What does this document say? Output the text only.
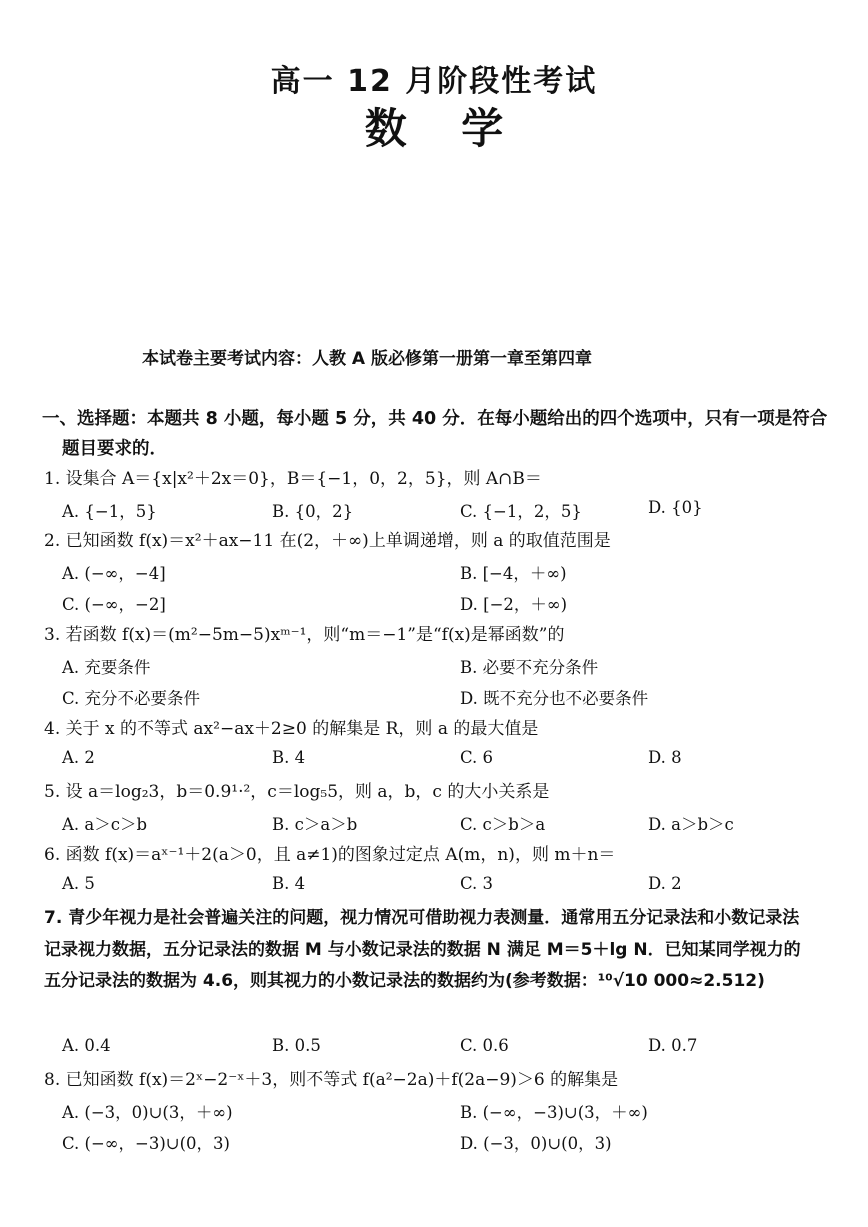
高一 12 月阶段性考试
数 学
本试卷主要考试内容：人教 A 版必修第一册第一章至第四章
一、选择题：本题共 8 小题，每小题 5 分，共 40 分．在每小题给出的四个选项中，只有一项是符合
题目要求的．
1. 设集合 A＝{x|x²＋2x＝0}，B＝{−1，0，2，5}，则 A∩B＝
A. {−1，5}	B. {0，2}	C. {−1，2，5}	D. {0}
2. 已知函数 f(x)＝x²＋ax−11 在(2，＋∞)上单调递增，则 a 的取值范围是
A. (−∞，−4]	B. [−4，＋∞)
C. (−∞，−2]	D. [−2，＋∞)
3. 若函数 f(x)＝(m²−5m−5)xᵐ⁻¹，则“m＝−1”是“f(x)是幂函数”的
A. 充要条件	B. 必要不充分条件
C. 充分不必要条件	D. 既不充分也不必要条件
4. 关于 x 的不等式 ax²−ax＋2≥0 的解集是 R，则 a 的最大值是
A. 2	B. 4	C. 6	D. 8
5. 设 a＝log₂3，b＝0.9¹·²，c＝log₅5，则 a，b，c 的大小关系是
A. a＞c＞b	B. c＞a＞b	C. c＞b＞a	D. a＞b＞c
6. 函数 f(x)＝aˣ⁻¹＋2(a＞0，且 a≠1)的图象过定点 A(m，n)，则 m＋n＝
A. 5	B. 4	C. 3	D. 2
7. 青少年视力是社会普遍关注的问题，视力情况可借助视力表测量．通常用五分记录法和小数记录法记录视力数据，五分记录法的数据 M 与小数记录法的数据 N 满足 M＝5＋lg N．已知某同学视力的五分记录法的数据为 4.6，则其视力的小数记录法的数据约为(参考数据：¹⁰√10 000≈2.512)
A. 0.4	B. 0.5	C. 0.6	D. 0.7
8. 已知函数 f(x)＝2ˣ−2⁻ˣ＋3，则不等式 f(a²−2a)＋f(2a−9)＞6 的解集是
A. (−3，0)∪(3，＋∞)	B. (−∞，−3)∪(3，＋∞)
C. (−∞，−3)∪(0，3)	D. (−3，0)∪(0，3)
